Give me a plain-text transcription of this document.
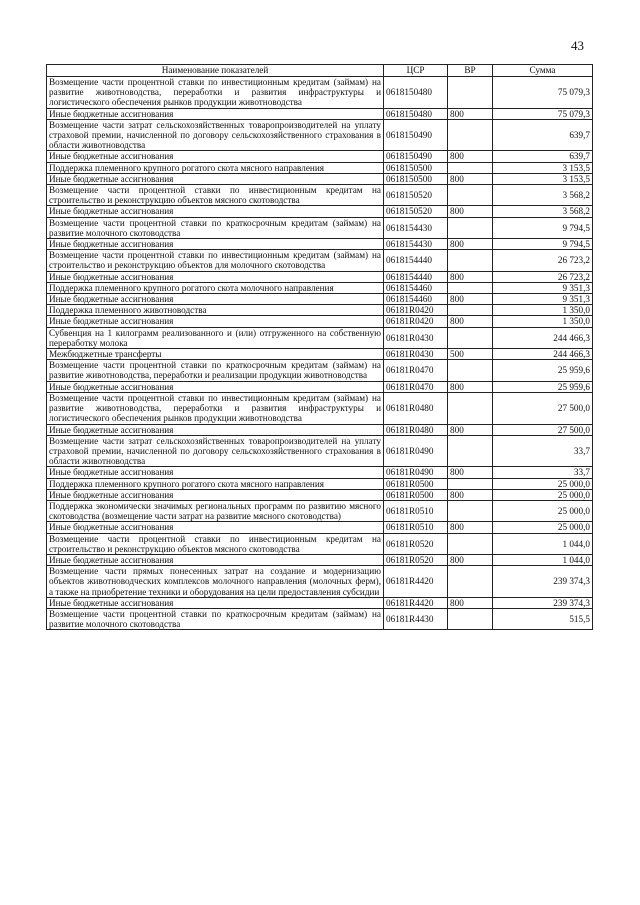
43
Наименование показателей	ЦСР	ВР	Сумма
Возмещение части процентной ставки по инвестиционным кредитам (займам) на развитие животноводства, переработки и развития инфраструктуры и логистического обеспечения рынков продукции животноводства	0618150480		75 079,3
Иные бюджетные ассигнования	0618150480	800	75 079,3
Возмещение части затрат сельскохозяйственных товаропроизводителей на уплату страховой премии, начисленной по договору сельскохозяйственного страхования в области животноводства	0618150490		639,7
Иные бюджетные ассигнования	0618150490	800	639,7
Поддержка племенного крупного рогатого скота мясного направления	0618150500		3 153,5
Иные бюджетные ассигнования	0618150500	800	3 153,5
Возмещение части процентной ставки по инвестиционным кредитам на строительство и реконструкцию объектов мясного скотоводства	0618150520		3 568,2
Иные бюджетные ассигнования	0618150520	800	3 568,2
Возмещение части процентной ставки по краткосрочным кредитам (займам) на развитие молочного скотоводства	0618154430		9 794,5
Иные бюджетные ассигнования	0618154430	800	9 794,5
Возмещение части процентной ставки по инвестиционным кредитам (займам) на строительство и реконструкцию объектов для молочного скотоводства	0618154440		26 723,2
Иные бюджетные ассигнования	0618154440	800	26 723,2
Поддержка племенного крупного рогатого скота молочного направления	0618154460		9 351,3
Иные бюджетные ассигнования	0618154460	800	9 351,3
Поддержка племенного животноводства	06181R0420		1 350,0
Иные бюджетные ассигнования	06181R0420	800	1 350,0
Субвенция на 1 килограмм реализованного и (или) отгруженного на собственную переработку молока	06181R0430		244 466,3
Межбюджетные трансферты	06181R0430	500	244 466,3
Возмещение части процентной ставки по краткосрочным кредитам (займам) на развитие животноводства, переработки и реализации продукции животноводства	06181R0470		25 959,6
Иные бюджетные ассигнования	06181R0470	800	25 959,6
Возмещение части процентной ставки по инвестиционным кредитам (займам) на развитие животноводства, переработки и развития инфраструктуры и логистического обеспечения рынков продукции животноводства	06181R0480		27 500,0
Иные бюджетные ассигнования	06181R0480	800	27 500,0
Возмещение части затрат сельскохозяйственных товаропроизводителей на уплату страховой премии, начисленной по договору сельскохозяйственного страхования в области животноводства	06181R0490		33,7
Иные бюджетные ассигнования	06181R0490	800	33,7
Поддержка племенного крупного рогатого скота мясного направления	06181R0500		25 000,0
Иные бюджетные ассигнования	06181R0500	800	25 000,0
Поддержка экономически значимых региональных программ по развитию мясного скотоводства (возмещение части затрат на развитие мясного скотоводства)	06181R0510		25 000,0
Иные бюджетные ассигнования	06181R0510	800	25 000,0
Возмещение части процентной ставки по инвестиционным кредитам на строительство и реконструкцию объектов мясного скотоводства	06181R0520		1 044,0
Иные бюджетные ассигнования	06181R0520	800	1 044,0
Возмещение части прямых понесенных затрат на создание и модернизацию объектов животноводческих комплексов молочного направления (молочных ферм), а также на приобретение техники и оборудования на цели предоставления субсидии	06181R4420		239 374,3
Иные бюджетные ассигнования	06181R4420	800	239 374,3
Возмещение части процентной ставки по краткосрочным кредитам (займам) на развитие молочного скотоводства	06181R4430		515,5
